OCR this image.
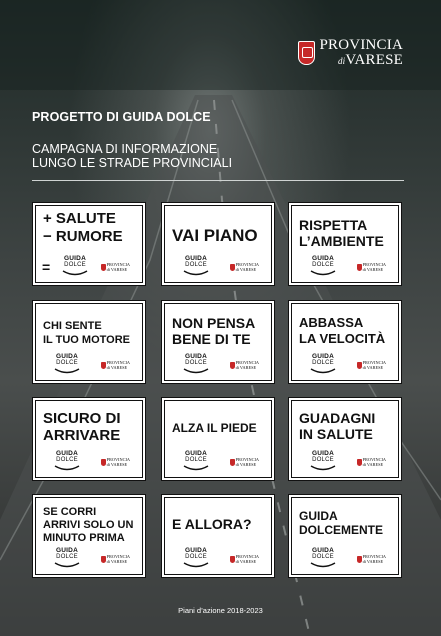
PROVINCIA
diVARESE
PROGETTO DI GUIDA DOLCE
CAMPAGNA DI INFORMAZIONE
LUNGO LE STRADE PROVINCIALI
+ SALUTE
− RUMORE
=
GUIDA
DOLCE	PROVINCIA
di VARESE
VAI PIANO
GUIDA
DOLCE	PROVINCIA
di VARESE
RISPETTA
L’AMBIENTE
GUIDA
DOLCE	PROVINCIA
di VARESE
CHI SENTE
IL TUO MOTORE
GUIDA
DOLCE	PROVINCIA
di VARESE
NON PENSA
BENE DI TE
GUIDA
DOLCE	PROVINCIA
di VARESE
ABBASSA
LA VELOCITÀ
GUIDA
DOLCE	PROVINCIA
di VARESE
SICURO DI
ARRIVARE
GUIDA
DOLCE	PROVINCIA
di VARESE
ALZA IL PIEDE
GUIDA
DOLCE	PROVINCIA
di VARESE
GUADAGNI
IN SALUTE
GUIDA
DOLCE	PROVINCIA
di VARESE
SE CORRI
ARRIVI SOLO UN
MINUTO PRIMA
GUIDA
DOLCE	PROVINCIA
di VARESE
E ALLORA?
GUIDA
DOLCE	PROVINCIA
di VARESE
GUIDA
DOLCEMENTE
GUIDA
DOLCE	PROVINCIA
di VARESE
Piani d’azione 2018-2023
